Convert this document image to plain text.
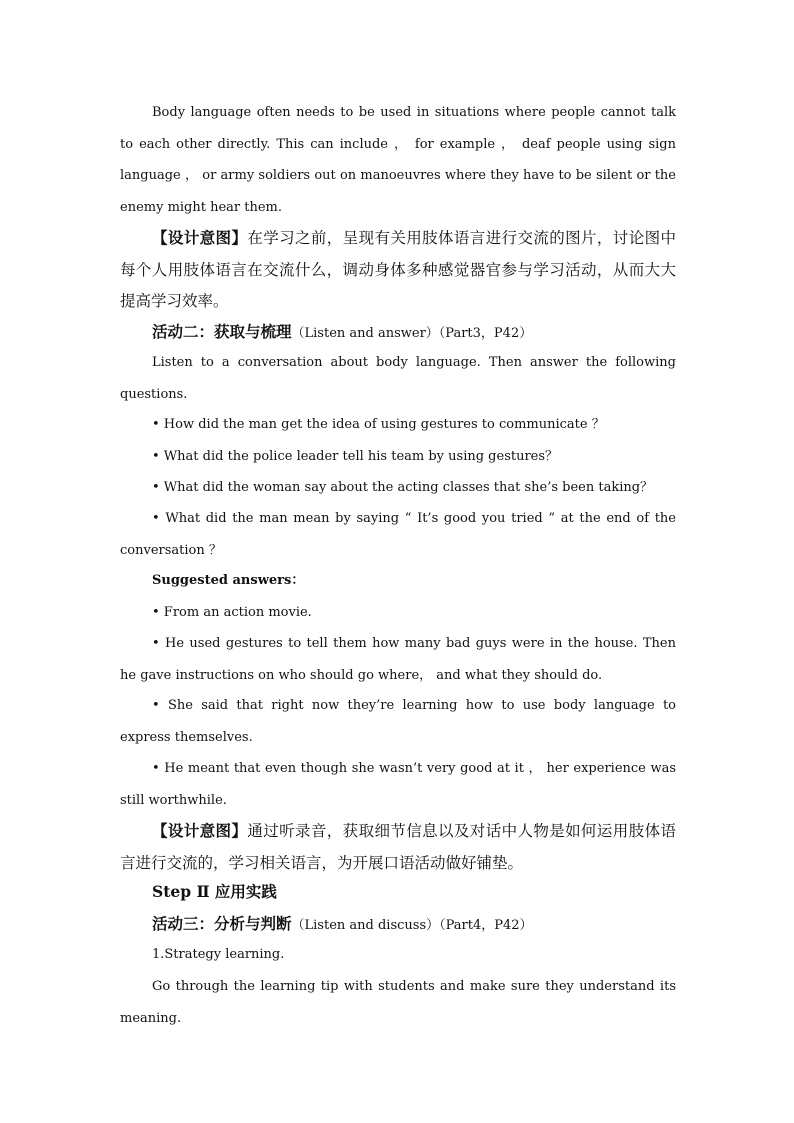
Body language often needs to be used in situations where people cannot talk to each other directly. This can include ， for example ， deaf people using sign language ， or army soldiers out on manoeuvres where they have to be silent or the enemy might hear them.
【设计意图】在学习之前，呈现有关用肢体语言进行交流的图片，讨论图中每个人用肢体语言在交流什么，调动身体多种感觉器官参与学习活动，从而大大提高学习效率。
活动二：获取与梳理（Listen and answer）（Part3，P42）
Listen to a conversation about body language. Then answer the following questions.
• How did the man get the idea of using gestures to communicate ？
• What did the police leader tell his team by using gestures？
• What did the woman say about the acting classes that she’s been taking？
• What did the man mean by saying “ It’s good you tried ” at the end of the conversation ？
Suggested answers：
• From an action movie.
• He used gestures to tell them how many bad guys were in the house. Then he gave instructions on who should go where， and what they should do.
• She said that right now they’re learning how to use body language to express themselves.
• He meant that even though she wasn’t very good at it ， her experience was still worthwhile.
【设计意图】通过听录音，获取细节信息以及对话中人物是如何运用肢体语言进行交流的，学习相关语言，为开展口语活动做好铺垫。
Step Ⅱ 应用实践
活动三：分析与判断（Listen and discuss）（Part4，P42）
1.Strategy learning.
Go through the learning tip with students and make sure they understand its meaning.
